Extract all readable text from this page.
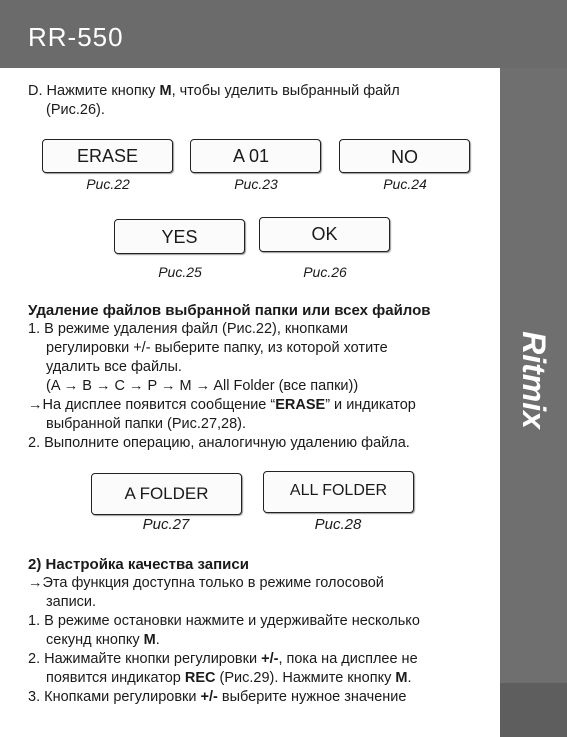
RR-550
Ritmix
D. Нажмите кнопку M, чтобы уделить выбранный файл
(Рис.26).
ERASE
Рис.22
A 01
Рис.23
NO
Рис.24
YES
Рис.25
OK
Рис.26
Удаление файлов выбранной папки или всех файлов
1. В режиме удаления файл (Рис.22), кнопками
регулировки +/- выберите папку, из которой хотите
удалить все файлы.
(A → B → C → P → M → All Folder (все папки))
→На дисплее появится сообщение “ERASE” и индикатор
выбранной папки (Рис.27,28).
2. Выполните операцию, аналогичную удалению файла.
A FOLDER
Рис.27
ALL FOLDER
Рис.28
2) Настройка качества записи
→Эта функция доступна только в режиме голосовой
записи.
1. В режиме остановки нажмите и удерживайте несколько
секунд кнопку M.
2. Нажимайте кнопки регулировки +/-, пока на дисплее не
появится индикатор REC (Рис.29). Нажмите кнопку M.
3. Кнопками регулировки +/- выберите нужное значение
